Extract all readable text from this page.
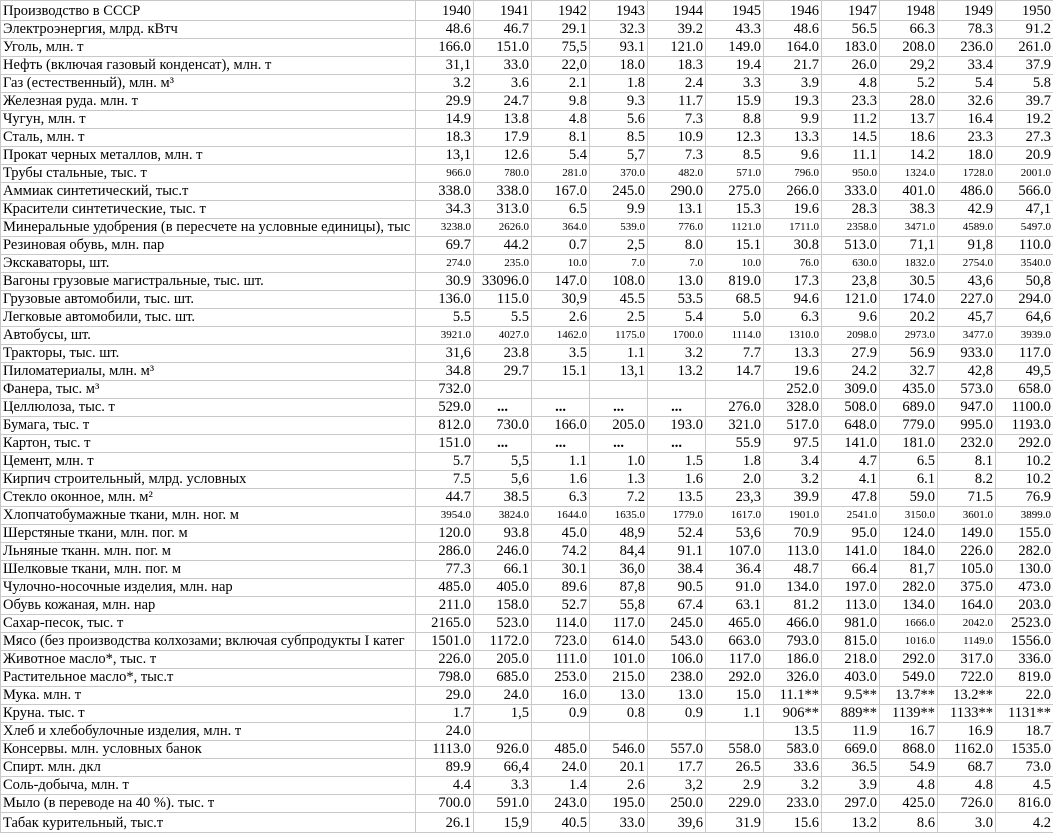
Производство в СССР	1940	1941	1942	1943	1944	1945	1946	1947	1948	1949	1950
Электроэнергия, млрд. кВтч	48.6	46.7	29.1	32.3	39.2	43.3	48.6	56.5	66.3	78.3	91.2
Уголь, млн. т	166.0	151.0	75,5	93.1	121.0	149.0	164.0	183.0	208.0	236.0	261.0
Нефть (включая газовый конденсат), млн. т	31,1	33.0	22,0	18.0	18.3	19.4	21.7	26.0	29,2	33.4	37.9
Газ (естественный), млн. м³	3.2	3.6	2.1	1.8	2.4	3.3	3.9	4.8	5.2	5.4	5.8
Железная руда. млн. т	29.9	24.7	9.8	9.3	11.7	15.9	19.3	23.3	28.0	32.6	39.7
Чугун, млн. т	14.9	13.8	4.8	5.6	7.3	8.8	9.9	11.2	13.7	16.4	19.2
Сталь, млн. т	18.3	17.9	8.1	8.5	10.9	12.3	13.3	14.5	18.6	23.3	27.3
Прокат черных металлов, млн. т	13,1	12.6	5.4	5,7	7.3	8.5	9.6	11.1	14.2	18.0	20.9
Трубы стальные, тыс. т	966.0	780.0	281.0	370.0	482.0	571.0	796.0	950.0	1324.0	1728.0	2001.0
Аммиак синтетический, тыс.т	338.0	338.0	167.0	245.0	290.0	275.0	266.0	333.0	401.0	486.0	566.0
Красители синтетические, тыс. т	34.3	313.0	6.5	9.9	13.1	15.3	19.6	28.3	38.3	42.9	47,1
Минеральные удобрения (в пересчете на условные единицы), тыс	3238.0	2626.0	364.0	539.0	776.0	1121.0	1711.0	2358.0	3471.0	4589.0	5497.0
Резиновая обувь, млн. пар	69.7	44.2	0.7	2,5	8.0	15.1	30.8	513.0	71,1	91,8	110.0
Экскаваторы, шт.	274.0	235.0	10.0	7.0	7.0	10.0	76.0	630.0	1832.0	2754.0	3540.0
Вагоны грузовые магистральные, тыс. шт.	30.9	33096.0	147.0	108.0	13.0	819.0	17.3	23,8	30.5	43,6	50,8
Грузовые автомобили, тыс. шт.	136.0	115.0	30,9	45.5	53.5	68.5	94.6	121.0	174.0	227.0	294.0
Легковые автомобили, тыс. шт.	5.5	5.5	2.6	2.5	5.4	5.0	6.3	9.6	20.2	45,7	64,6
Автобусы, шт.	3921.0	4027.0	1462.0	1175.0	1700.0	1114.0	1310.0	2098.0	2973.0	3477.0	3939.0
Тракторы, тыс. шт.	31,6	23.8	3.5	1.1	3.2	7.7	13.3	27.9	56.9	933.0	117.0
Пиломатериалы, млн. м³	34.8	29.7	15.1	13,1	13.2	14.7	19.6	24.2	32.7	42,8	49,5
Фанера, тыс. м³	732.0						252.0	309.0	435.0	573.0	658.0
Целлюлоза, тыс. т	529.0	...	...	...	...	276.0	328.0	508.0	689.0	947.0	1100.0
Бумага, тыс. т	812.0	730.0	166.0	205.0	193.0	321.0	517.0	648.0	779.0	995.0	1193.0
Картон, тыс. т	151.0	...	...	...	...	55.9	97.5	141.0	181.0	232.0	292.0
Цемент, млн. т	5.7	5,5	1.1	1.0	1.5	1.8	3.4	4.7	6.5	8.1	10.2
Кирпич строительный, млрд. условных	7.5	5,6	1.6	1.3	1.6	2.0	3.2	4.1	6.1	8.2	10.2
Стекло оконное, млн. м²	44.7	38.5	6.3	7.2	13.5	23,3	39.9	47.8	59.0	71.5	76.9
Хлопчатобумажные ткани, млн. ног. м	3954.0	3824.0	1644.0	1635.0	1779.0	1617.0	1901.0	2541.0	3150.0	3601.0	3899.0
Шерстяные ткани, млн. пог. м	120.0	93.8	45.0	48,9	52.4	53,6	70.9	95.0	124.0	149.0	155.0
Льняные тканн. млн. пог. м	286.0	246.0	74.2	84,4	91.1	107.0	113.0	141.0	184.0	226.0	282.0
Шелковые ткани, млн. пог. м	77.3	66.1	30.1	36,0	38.4	36.4	48.7	66.4	81,7	105.0	130.0
Чулочно-носочные изделия, млн. нар	485.0	405.0	89.6	87,8	90.5	91.0	134.0	197.0	282.0	375.0	473.0
Обувь кожаная, млн. нар	211.0	158.0	52.7	55,8	67.4	63.1	81.2	113.0	134.0	164.0	203.0
Сахар-песок, тыс. т	2165.0	523.0	114.0	117.0	245.0	465.0	466.0	981.0	1666.0	2042.0	2523.0
Мясо (без производства колхозами; включая субпродукты I катег	1501.0	1172.0	723.0	614.0	543.0	663.0	793.0	815.0	1016.0	1149.0	1556.0
Животное масло*, тыс. т	226.0	205.0	111.0	101.0	106.0	117.0	186.0	218.0	292.0	317.0	336.0
Растительное масло*, тыс.т	798.0	685.0	253.0	215.0	238.0	292.0	326.0	403.0	549.0	722.0	819.0
Мука. млн. т	29.0	24.0	16.0	13.0	13.0	15.0	11.1**	9.5**	13.7**	13.2**	22.0
Круна. тыс. т	1.7	1,5	0.9	0.8	0.9	1.1	906**	889**	1139**	1133**	1131**
Хлеб и хлебобулочные изделия, млн. т	24.0						13.5	11.9	16.7	16.9	18.7
Консервы. млн. условных банок	1113.0	926.0	485.0	546.0	557.0	558.0	583.0	669.0	868.0	1162.0	1535.0
Спирт. млн. дкл	89.9	66,4	24.0	20.1	17.7	26.5	33.6	36.5	54.9	68.7	73.0
Соль-добыча, млн. т	4.4	3.3	1.4	2.6	3,2	2.9	3.2	3.9	4.8	4.8	4.5
Мыло (в переводе на 40 %). тыс. т	700.0	591.0	243.0	195.0	250.0	229.0	233.0	297.0	425.0	726.0	816.0
Табак курительный, тыс.т	26.1	15,9	40.5	33.0	39,6	31.9	15.6	13.2	8.6	3.0	4.2
